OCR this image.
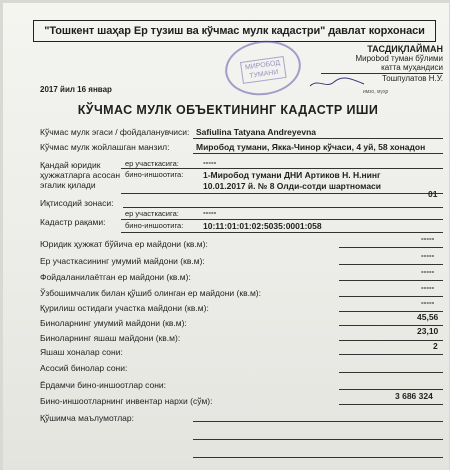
"Тошкент шаҳар Ер тузиш ва кўчмас мулк кадастри" давлат корхонаси
МИРОБОД
ТУМАНИ
ТАСДИҚЛАЙМАН
Мирobod туман бўлими
катта муҳандиси
Тошпулатов Н.У.
2017 йил 16 январ	имзо, муҳр
КЎЧМАС МУЛК ОБЪЕКТИНИНГ КАДАСТР ИШИ
Кўчмас мулк эгаси / фойдаланувчиси: Safiulina Tatyana Andreyevna
Кўчмас мулк жойлашган манзил:	Миробод тумани, Якка-Чинор кўчаси, 4 уй, 58 хонадон
Қандай юридик
ҳужжатларга асосан
эгалик қилади
ер участкасига:	-----
бино-иншоотига: 1-Миробод тумани ДНИ Артиков Н. Н.нинг
10.01.2017 й. № 8 Олди-сотди шартномаси
Иқтисодий зонаси:
01
Кадастр рақами:
ер участкасига:	-----
бино-иншоотига: 10:11:01:01:02:5035:0001:058
Юридик ҳужжат бўйича ер майдони (кв.м):
-----
Ер участкасининг умумий майдони (кв.м):
-----
Фойдаланилаётган ер майдони (кв.м):
-----
Ўзбошимчалик билан қўшиб олинган ер майдони (кв.м):
-----
Қурилиш остидаги участка майдони (кв.м):
-----
Биноларнинг умумий майдони (кв.м):
45,56
Биноларнинг яшаш майдони (кв.м):
23,10
Яшаш хоналар сони:
2
Асосий бинолар сони:
Ёрдамчи бино-иншоотлар сони:
Бино-иншоотларнинг инвентар нархи (сўм):	3 686 324
Қўшимча маълумотлар:
